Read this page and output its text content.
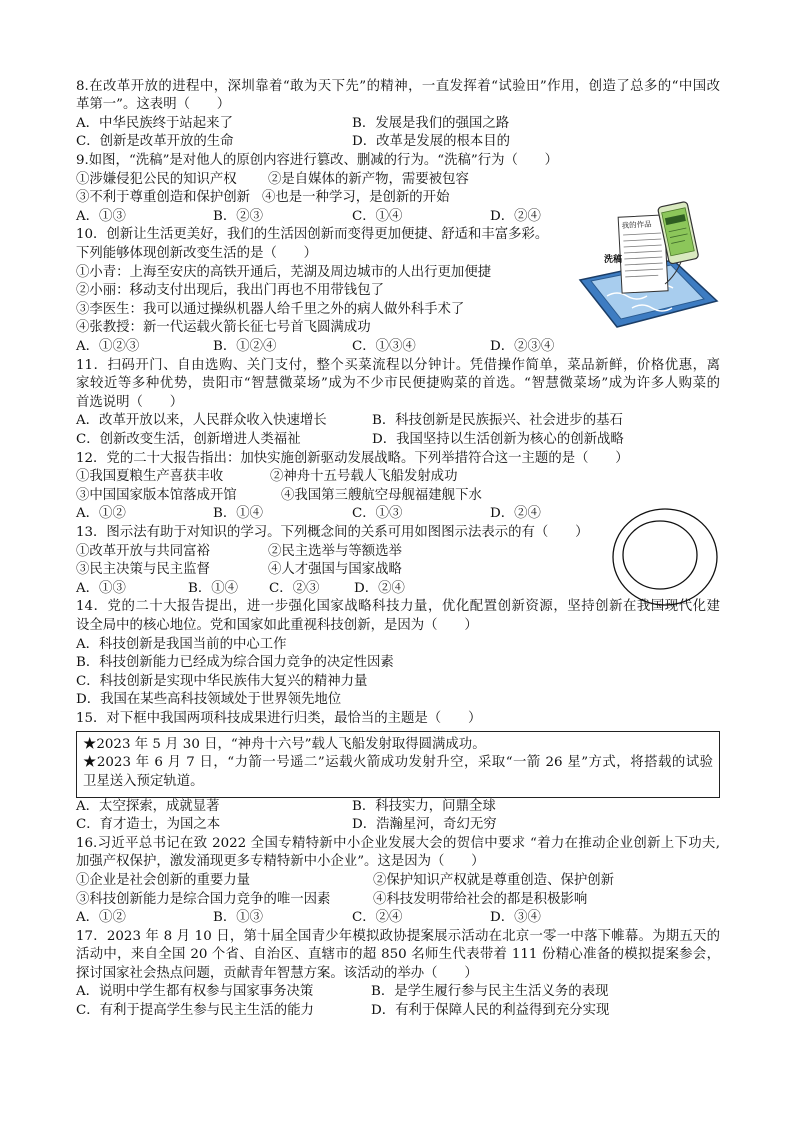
8.在改革开放的进程中，深圳靠着“敢为天下先”的精神，一直发挥着“试验田”作用，创造了总多的“中国改
革第一”。这表明（　　）
A．中华民族终于站起来了	B．发展是我们的强国之路
C．创新是改革开放的生命	D．改革是发展的根本目的
9.如图，“洗稿”是对他人的原创内容进行篡改、删减的行为。“洗稿”行为（　　）
①涉嫌侵犯公民的知识产权 ②是自媒体的新产物，需要被包容
③不利于尊重创造和保护创新 ④也是一种学习，是创新的开始
A．①③	B．②③	C．①④	D．②④
10．创新让生活更美好，我们的生活因创新而变得更加便捷、舒适和丰富多彩。
下列能够体现创新改变生活的是（　　）
①小青：上海至安庆的高铁开通后，芜湖及周边城市的人出行更加便捷
②小丽：移动支付出现后，我出门再也不用带钱包了
③李医生：我可以通过操纵机器人给千里之外的病人做外科手术了
④张教授：新一代运载火箭长征七号首飞圆满成功
A．①②③	B．①②④	C．①③④	D．②③④
11．扫码开门、自由选购、关门支付，整个买菜流程以分钟计。凭借操作简单，菜品新鲜，价格优惠，离
家较近等多种优势，贵阳市“智慧微菜场”成为不少市民便捷购菜的首选。“智慧微菜场”成为许多人购菜的
首选说明（　　）
A．改革开放以来，人民群众收入快速增长	B．科技创新是民族振兴、社会进步的基石
C．创新改变生活，创新增进人类福祉	D．我国坚持以生活创新为核心的创新战略
12．党的二十大报告指出：加快实施创新驱动发展战略。下列举措符合这一主题的是（　　）
①我国夏粮生产喜获丰收	②神舟十五号载人飞船发射成功
③中国国家版本馆落成开馆	④我国第三艘航空母舰福建舰下水
A．①②	B．①④	C．①③	D．②④
13．图示法有助于对知识的学习。下列概念间的关系可用如图图示法表示的有（　　）
①改革开放与共同富裕	②民主选举与等额选举
③民主决策与民主监督	④人才强国与国家战略
A．①③	B．①④ C．②③	D．②④
14．党的二十大报告提出，进一步强化国家战略科技力量，优化配置创新资源，坚持创新在我国现代化建
设全局中的核心地位。党和国家如此重视科技创新，是因为（　　）
A．科技创新是我国当前的中心工作
B．科技创新能力已经成为综合国力竞争的决定性因素
C．科技创新是实现中华民族伟大复兴的精神力量
D．我国在某些高科技领域处于世界领先地位
15．对下框中我国两项科技成果进行归类，最恰当的主题是（　　）
★2023 年 5 月 30 日，“神舟十六号”载人飞船发射取得圆满成功。
★2023 年 6 月 7 日，“力箭一号遥二”运载火箭成功发射升空，采取“一箭 26 星”方式，将搭载的试验
卫星送入预定轨道。
A．太空探索，成就显著	B．科技实力，问鼎全球
C．育才造士，为国之本	D．浩瀚星河，奇幻无穷
16.习近平总书记在致 2022 全国专精特新中小企业发展大会的贺信中要求 “着力在推动企业创新上下功夫,
加强产权保护，激发涌现更多专精特新中小企业”。这是因为（　　）
①企业是社会创新的重要力量	②保护知识产权就是尊重创造、保护创新
③科技创新能力是综合国力竞争的唯一因素	④科技发明带给社会的都是积极影响
A．①②	B．①③	C．②④	D．③④
17．2023 年 8 月 10 日，第十届全国青少年模拟政协提案展示活动在北京一零一中落下帷幕。为期五天的
活动中，来自全国 20 个省、自治区、直辖市的超 850 名师生代表带着 111 份精心准备的模拟提案参会，
探讨国家社会热点问题，贡献青年智慧方案。该活动的举办（　　）
A．说明中学生都有权参与国家事务决策	B．是学生履行参与民主生活义务的表现
C．有利于提高学生参与民主生活的能力	D．有利于保障人民的利益得到充分实现
我的作品
洗稿
